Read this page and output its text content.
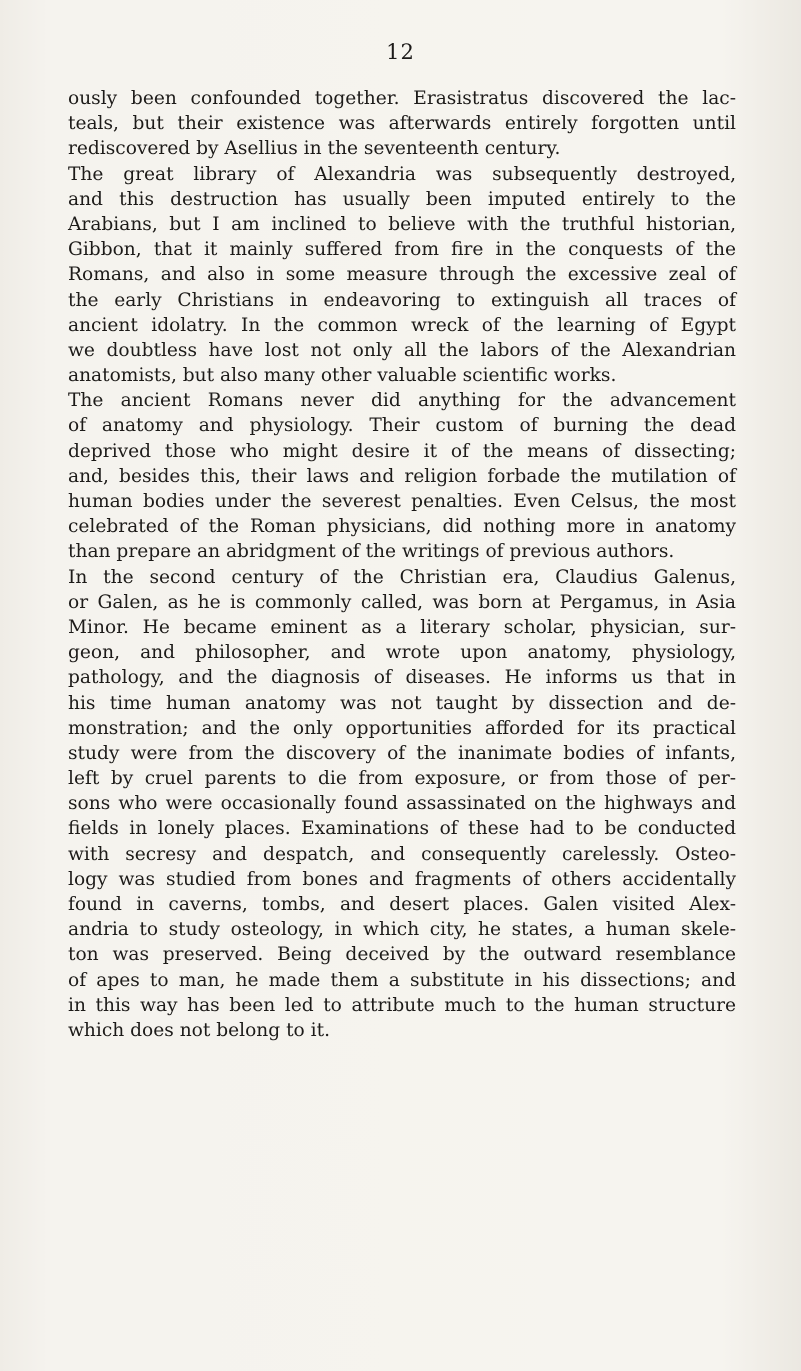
12
ously been confounded together. Erasistratus discovered the lac-
teals, but their existence was afterwards entirely forgotten until
rediscovered by Asellius in the seventeenth century.
The great library of Alexandria was subsequently destroyed,
and this destruction has usually been imputed entirely to the
Arabians, but I am inclined to believe with the truthful historian,
Gibbon, that it mainly suffered from fire in the conquests of the
Romans, and also in some measure through the excessive zeal of
the early Christians in endeavoring to extinguish all traces of
ancient idolatry. In the common wreck of the learning of Egypt
we doubtless have lost not only all the labors of the Alexandrian
anatomists, but also many other valuable scientific works.
The ancient Romans never did anything for the advancement
of anatomy and physiology. Their custom of burning the dead
deprived those who might desire it of the means of dissecting;
and, besides this, their laws and religion forbade the mutilation of
human bodies under the severest penalties. Even Celsus, the most
celebrated of the Roman physicians, did nothing more in anatomy
than prepare an abridgment of the writings of previous authors.
In the second century of the Christian era, Claudius Galenus,
or Galen, as he is commonly called, was born at Pergamus, in Asia
Minor. He became eminent as a literary scholar, physician, sur-
geon, and philosopher, and wrote upon anatomy, physiology,
pathology, and the diagnosis of diseases. He informs us that in
his time human anatomy was not taught by dissection and de-
monstration; and the only opportunities afforded for its practical
study were from the discovery of the inanimate bodies of infants,
left by cruel parents to die from exposure, or from those of per-
sons who were occasionally found assassinated on the highways and
fields in lonely places. Examinations of these had to be conducted
with secresy and despatch, and consequently carelessly. Osteo-
logy was studied from bones and fragments of others accidentally
found in caverns, tombs, and desert places. Galen visited Alex-
andria to study osteology, in which city, he states, a human skele-
ton was preserved. Being deceived by the outward resemblance
of apes to man, he made them a substitute in his dissections; and
in this way has been led to attribute much to the human structure
which does not belong to it.
